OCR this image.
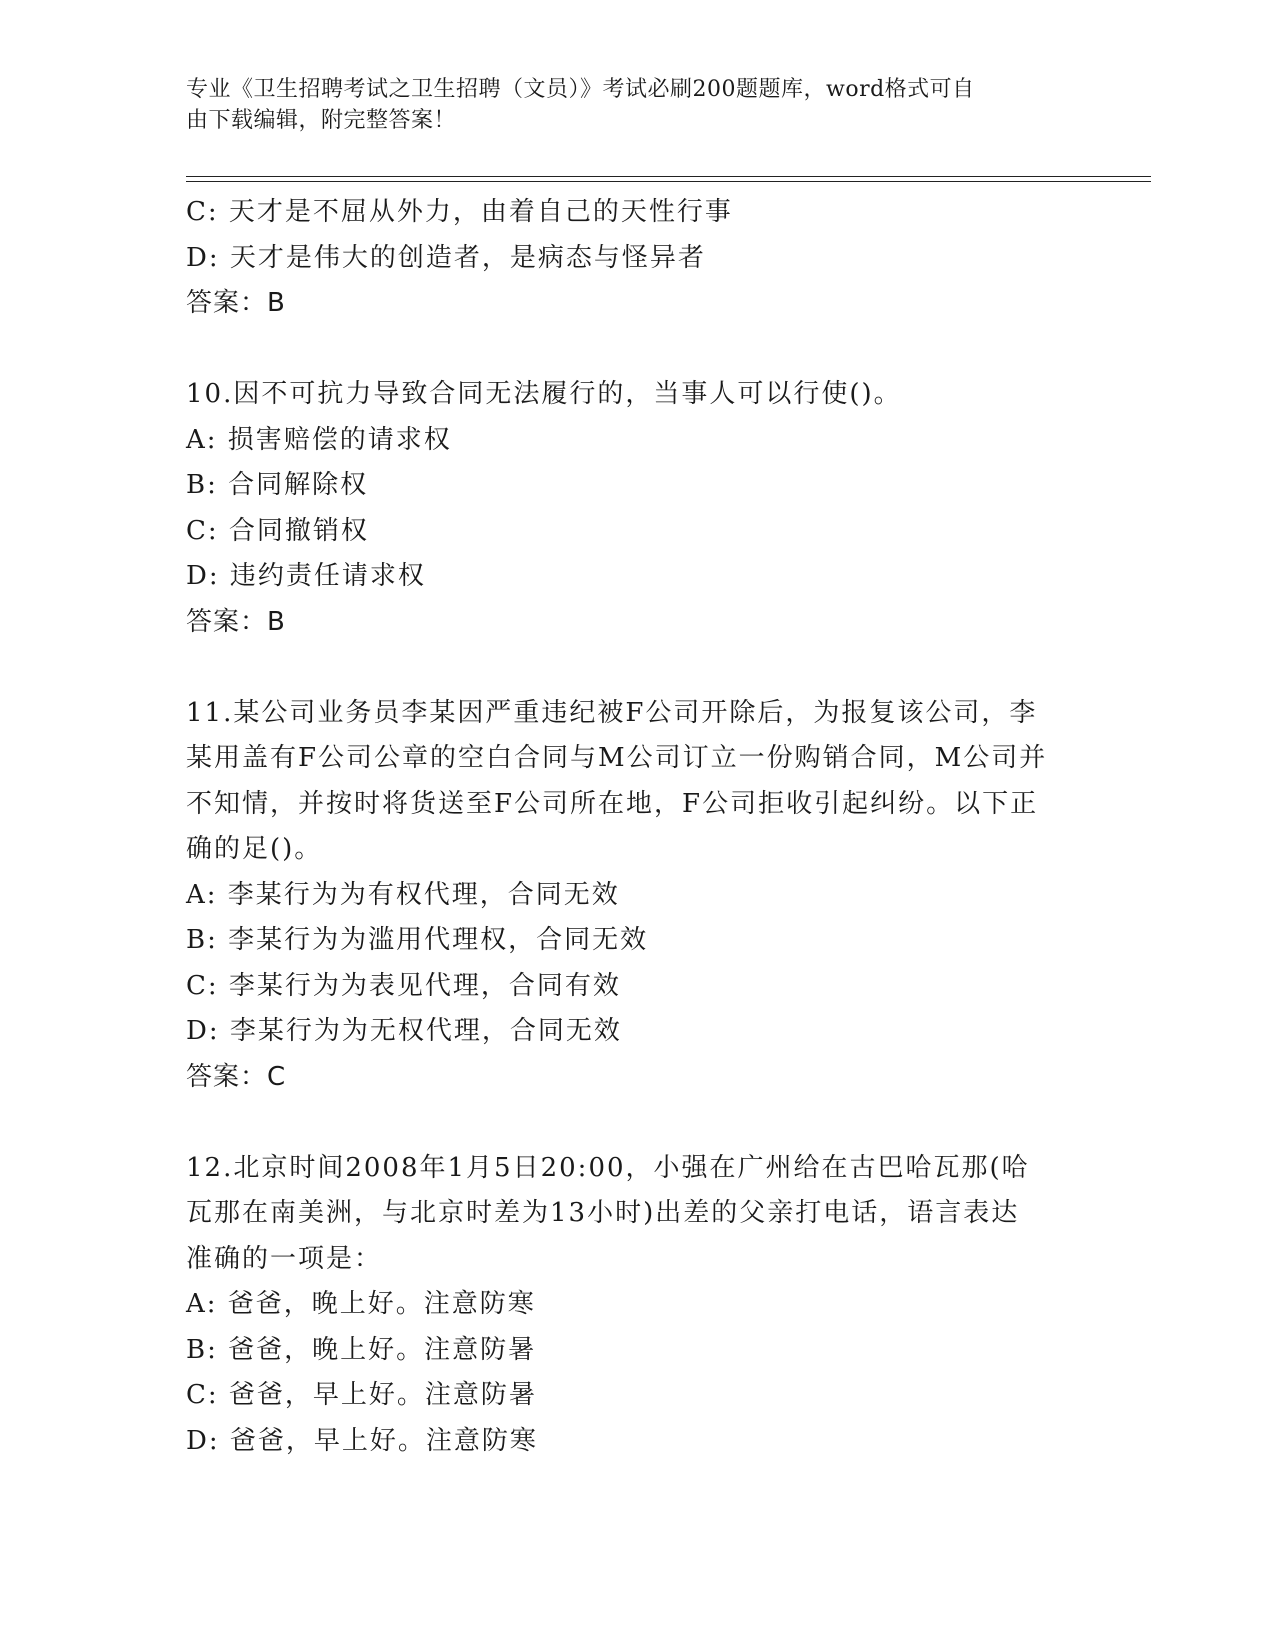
专业《卫生招聘考试之卫生招聘（文员）》考试必刷200题题库，word格式可自
由下载编辑，附完整答案！
C: 天才是不屈从外力，由着自己的天性行事
D: 天才是伟大的创造者，是病态与怪异者
答案：B
10.因不可抗力导致合同无法履行的，当事人可以行使()。
A: 损害赔偿的请求权
B: 合同解除权
C: 合同撤销权
D: 违约责任请求权
答案：B
11.某公司业务员李某因严重违纪被F公司开除后，为报复该公司，李
某用盖有F公司公章的空白合同与M公司订立一份购销合同，M公司并
不知情，并按时将货送至F公司所在地，F公司拒收引起纠纷。以下正
确的足()。
A: 李某行为为有权代理，合同无效
B: 李某行为为滥用代理权，合同无效
C: 李某行为为表见代理，合同有效
D: 李某行为为无权代理，合同无效
答案：C
12.北京时间2008年1月5日20:00，小强在广州给在古巴哈瓦那(哈
瓦那在南美洲，与北京时差为13小时)出差的父亲打电话，语言表达
准确的一项是：
A: 爸爸，晚上好。注意防寒
B: 爸爸，晚上好。注意防暑
C: 爸爸，早上好。注意防暑
D: 爸爸，早上好。注意防寒
